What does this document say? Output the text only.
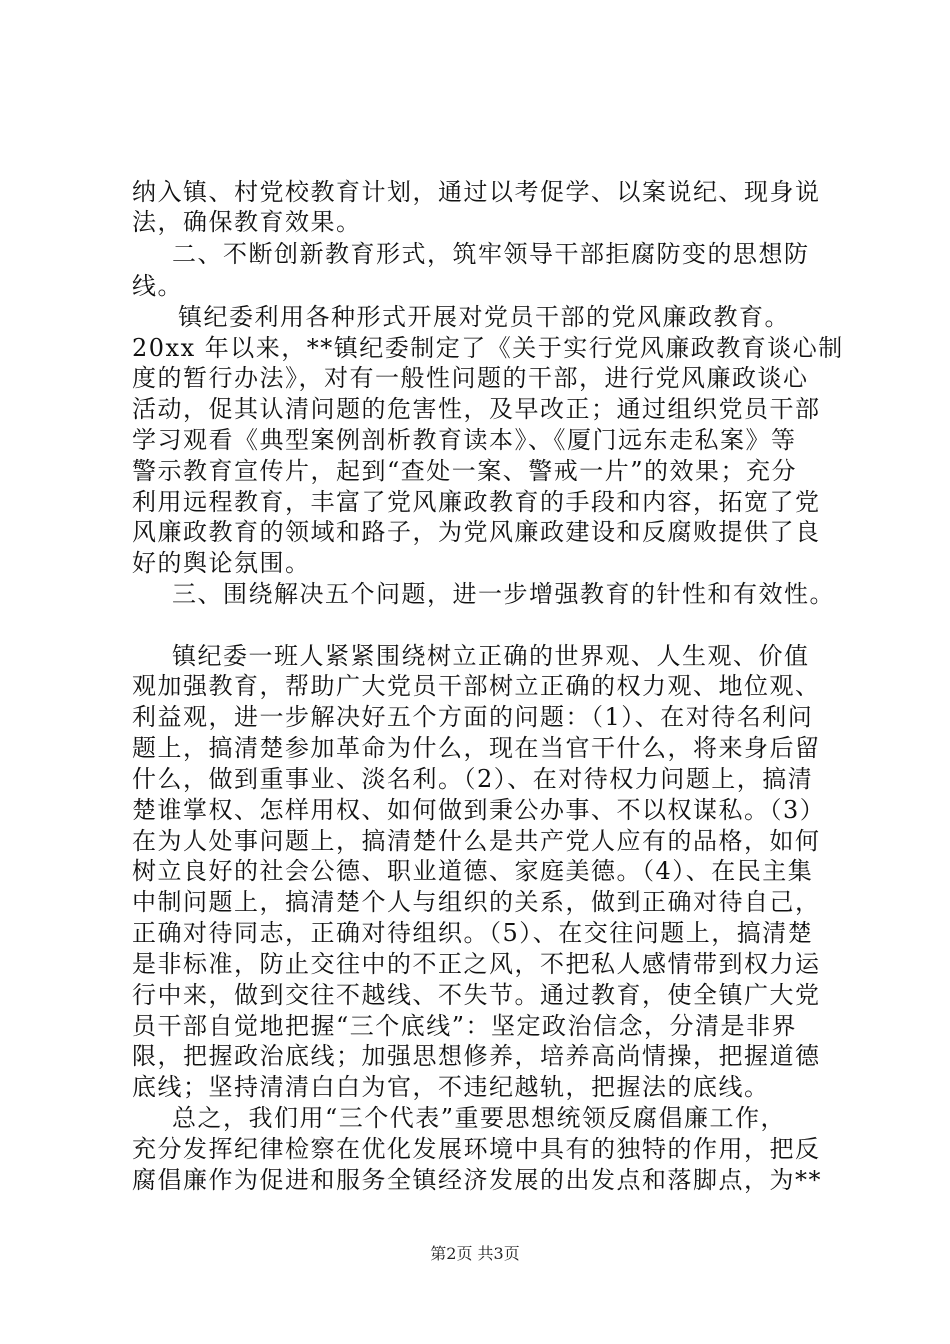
纳入镇、村党校教育计划，通过以考促学、以案说纪、现身说
法，确保教育效果。
二、不断创新教育形式，筑牢领导干部拒腐防变的思想防
线。
镇纪委利用各种形式开展对党员干部的党风廉政教育。
20xx 年以来，**镇纪委制定了《关于实行党风廉政教育谈心制
度的暂行办法》，对有一般性问题的干部，进行党风廉政谈心
活动，促其认清问题的危害性，及早改正；通过组织党员干部
学习观看《典型案例剖析教育读本》、《厦门远东走私案》等
警示教育宣传片，起到“查处一案、警戒一片”的效果；充分
利用远程教育，丰富了党风廉政教育的手段和内容，拓宽了党
风廉政教育的领域和路子，为党风廉政建设和反腐败提供了良
好的舆论氛围。
三、围绕解决五个问题，进一步增强教育的针性和有效性。
镇纪委一班人紧紧围绕树立正确的世界观、人生观、价值
观加强教育，帮助广大党员干部树立正确的权力观、地位观、
利益观，进一步解决好五个方面的问题：（1）、在对待名利问
题上，搞清楚参加革命为什么，现在当官干什么，将来身后留
什么，做到重事业、淡名利。（2）、在对待权力问题上，搞清
楚谁掌权、怎样用权、如何做到秉公办事、不以权谋私。（3）
在为人处事问题上，搞清楚什么是共产党人应有的品格，如何
树立良好的社会公德、职业道德、家庭美德。（4）、在民主集
中制问题上，搞清楚个人与组织的关系，做到正确对待自己，
正确对待同志，正确对待组织。（5）、在交往问题上，搞清楚
是非标准，防止交往中的不正之风，不把私人感情带到权力运
行中来，做到交往不越线、不失节。通过教育，使全镇广大党
员干部自觉地把握“三个底线”：坚定政治信念，分清是非界
限，把握政治底线；加强思想修养，培养高尚情操，把握道德
底线；坚持清清白白为官，不违纪越轨，把握法的底线。
总之，我们用“三个代表”重要思想统领反腐倡廉工作，
充分发挥纪律检察在优化发展环境中具有的独特的作用，把反
腐倡廉作为促进和服务全镇经济发展的出发点和落脚点，为**
第2页 共3页
